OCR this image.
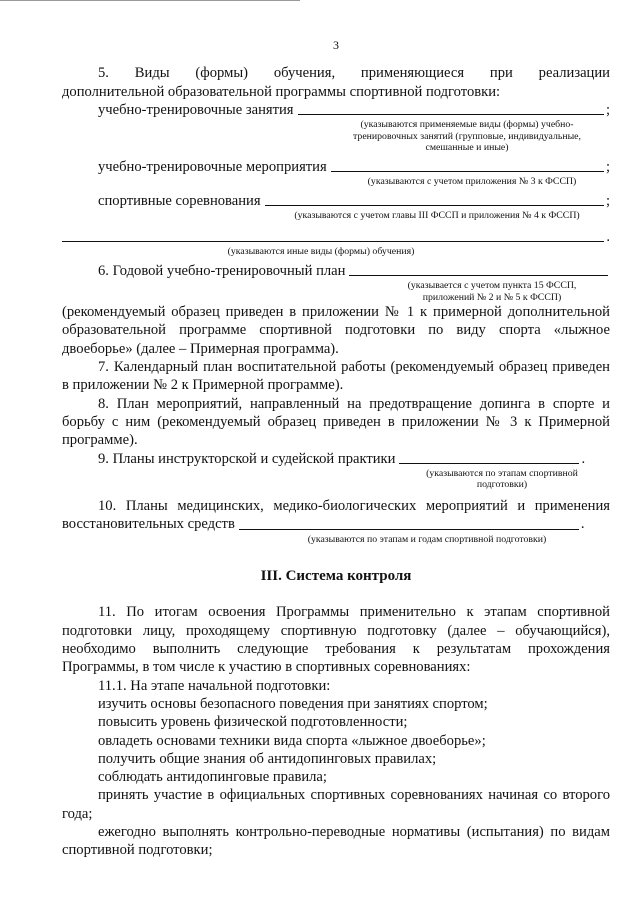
3

5. Виды (формы) обучения, применяющиеся при реализации

дополнительной образовательной программы спортивной подготовки:

учебно-тренировочные занятия	;
(указываются применяемые виды (формы) учебно-тренировочных занятий (групповые, индивидуальные, смешанные и иные)
учебно-тренировочные мероприятия	;
(указываются с учетом приложения № 3 к ФССП)
спортивные соревнования	;
(указываются с учетом главы III ФССП и приложения № 4 к ФССП)
.
(указываются иные виды (формы) обучения)
6. Годовой учебно-тренировочный план
(указывается с учетом пункта 15 ФССП, приложений № 2 и № 5 к ФССП)

(рекомендуемый образец приведен в приложении № 1 к примерной дополнительной образовательной программе спортивной подготовки по виду спорта «лыжное двоеборье» (далее – Примерная программа).

7. Календарный план воспитательной работы (рекомендуемый образец приведен в приложении № 2 к Примерной программе).

8. План мероприятий, направленный на предотвращение допинга в спорте и борьбу с ним (рекомендуемый образец приведен в приложении № 3 к Примерной программе).

9. Планы инструкторской и судейской практики	.
(указываются по этапам спортивной подготовки)

10. Планы медицинских, медико-биологических мероприятий и применения

восстановительных средств	.
(указываются по этапам и годам спортивной подготовки)
III. Система контроля

11. По итогам освоения Программы применительно к этапам спортивной подготовки лицу, проходящему спортивную подготовку (далее – обучающийся), необходимо выполнить следующие требования к результатам прохождения Программы, в том числе к участию в спортивных соревнованиях:

11.1. На этапе начальной подготовки:

изучить основы безопасного поведения при занятиях спортом;

повысить уровень физической подготовленности;

овладеть основами техники вида спорта «лыжное двоеборье»;

получить общие знания об антидопинговых правилах;

соблюдать антидопинговые правила;

принять участие в официальных спортивных соревнованиях начиная со второго года;

ежегодно выполнять контрольно-переводные нормативы (испытания) по видам спортивной подготовки;
